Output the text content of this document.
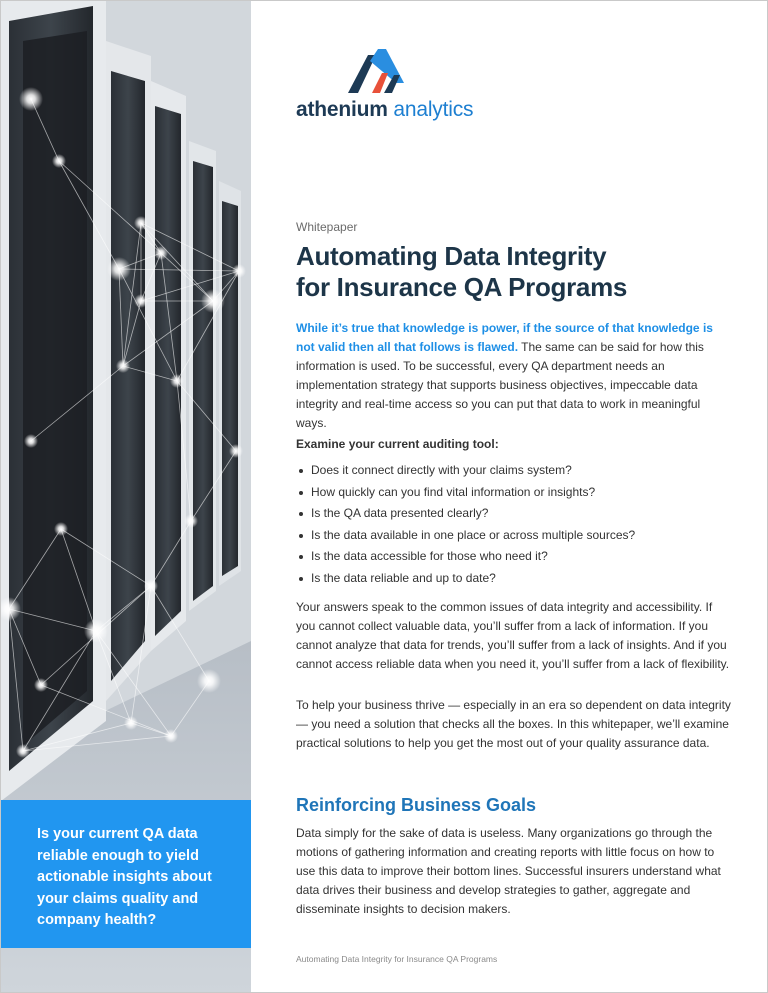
Is your current QA data reliable enough to yield actionable insights about your claims quality and company health?

athenium analytics
Whitepaper
Automating Data Integrity
for Insurance QA Programs

While it’s true that knowledge is power, if the source of that knowledge is not valid then all that follows is flawed. The same can be said for how this information is used. To be successful, every QA department needs an implementation strategy that supports business objectives, impeccable data integrity and real-time access so you can put that data to work in meaningful ways.

Examine your current auditing tool:
Does it connect directly with your claims system?
How quickly can you find vital information or insights?
Is the QA data presented clearly?
Is the data available in one place or across multiple sources?
Is the data accessible for those who need it?
Is the data reliable and up to date?

Your answers speak to the common issues of data integrity and accessibility. If you cannot collect valuable data, you’ll suffer from a lack of information. If you cannot analyze that data for trends, you’ll suffer from a lack of insights. And if you cannot access reliable data when you need it, you’ll suffer from a lack of flexibility.

To help your business thrive — especially in an era so dependent on data integrity — you need a solution that checks all the boxes. In this whitepaper, we’ll examine practical solutions to help you get the most out of your quality assurance data.

Reinforcing Business Goals

Data simply for the sake of data is useless. Many organizations go through the motions of gathering information and creating reports with little focus on how to use this data to improve their bottom lines. Successful insurers understand what data drives their business and develop strategies to gather, aggregate and disseminate insights to decision makers.

Automating Data Integrity for Insurance QA Programs
